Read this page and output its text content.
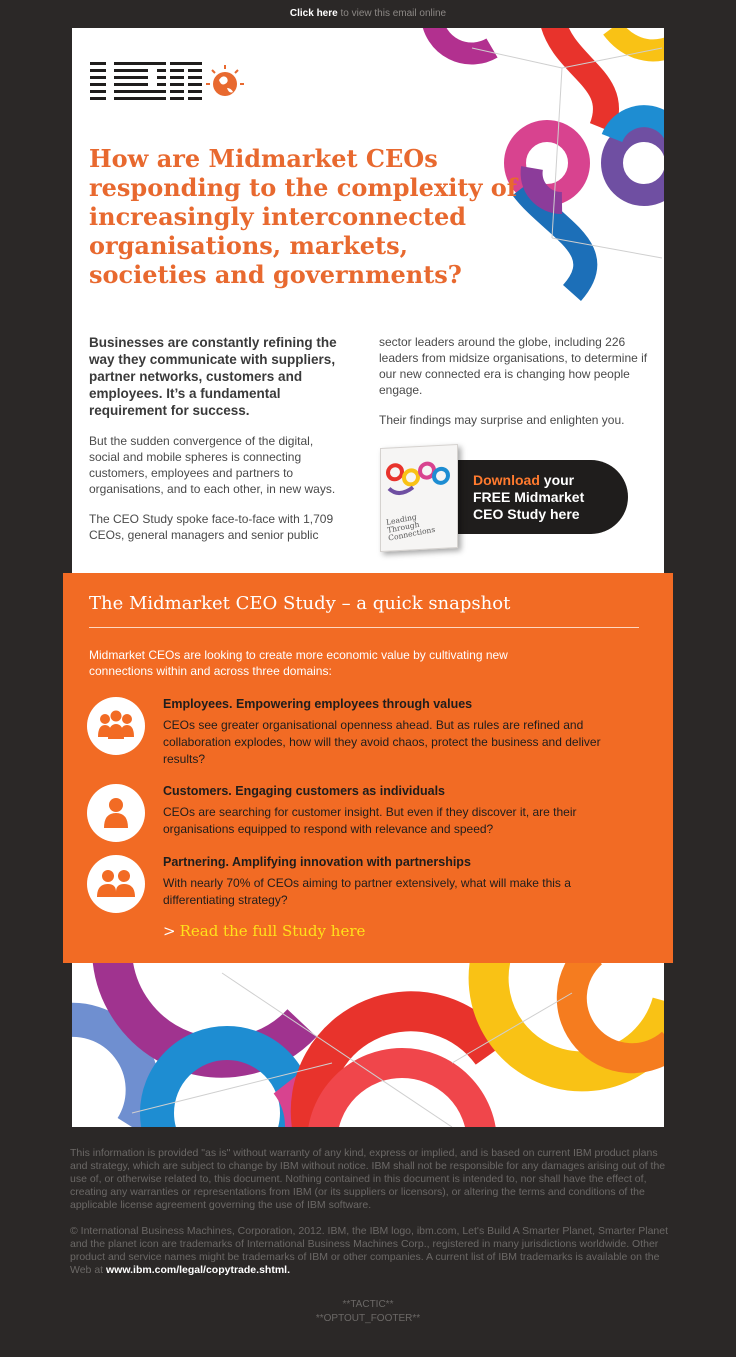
Click here to view this email online
IBM
How are Midmarket CEOs responding to the complexity of increasingly interconnected organisations, markets, societies and governments?

Businesses are constantly refining the way they communicate with suppliers, partner networks, customers and employees. It’s a fundamental requirement for success.

But the sudden convergence of the digital, social and mobile spheres is connecting customers, employees and partners to organisations, and to each other, in new ways.

The CEO Study spoke face-to-face with 1,709 CEOs, general managers and senior public

sector leaders around the globe, including 226 leaders from midsize organisations, to determine if our new connected era is changing how people engage.

Their findings may surprise and enlighten you.

Leading Through Connections
Download your
FREE Midmarket
CEO Study here
The Midmarket CEO Study – a quick snapshot
Midmarket CEOs are looking to create more economic value by cultivating new connections within and across three domains:
Employees. Empowering employees through values
CEOs see greater organisational openness ahead. But as rules are refined and collaboration explodes, how will they avoid chaos, protect the business and deliver results?
Customers. Engaging customers as individuals
CEOs are searching for customer insight. But even if they discover it, are their organisations equipped to respond with relevance and speed?
Partnering. Amplifying innovation with partnerships
With nearly 70% of CEOs aiming to partner extensively, what will make this a differentiating strategy?
> Read the full Study here

This information is provided "as is" without warranty of any kind, express or implied, and is based on current IBM product plans and strategy, which are subject to change by IBM without notice. IBM shall not be responsible for any damages arising out of the use of, or otherwise related to, this document. Nothing contained in this document is intended to, nor shall have the effect of, creating any warranties or representations from IBM (or its suppliers or licensors), or altering the terms and conditions of the applicable license agreement governing the use of IBM software.

© International Business Machines, Corporation, 2012. IBM, the IBM logo, ibm.com, Let's Build A Smarter Planet, Smarter Planet and the planet icon are trademarks of International Business Machines Corp., registered in many jurisdictions worldwide. Other product and service names might be trademarks of IBM or other companies. A current list of IBM trademarks is available on the Web at www.ibm.com/legal/copytrade.shtml.

**TACTIC**
**OPTOUT_FOOTER**
